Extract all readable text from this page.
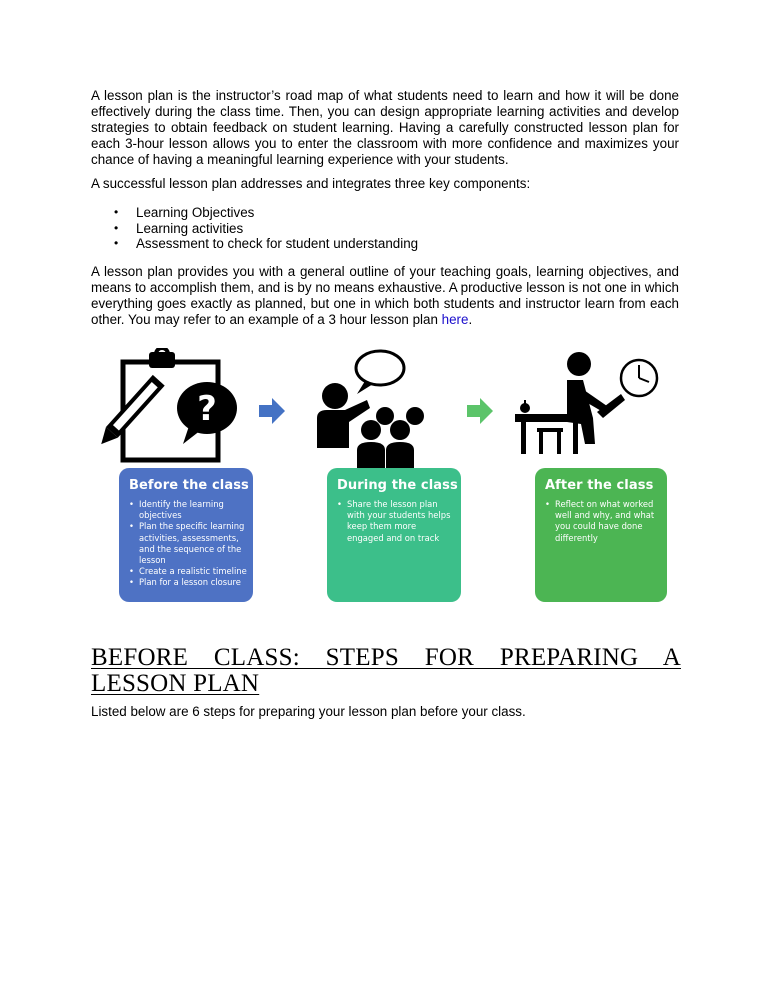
A lesson plan is the instructor’s road map of what students need to learn and how it will be done effectively during the class time. Then, you can design appropriate learning activities and develop strategies to obtain feedback on student learning. Having a carefully constructed lesson plan for each 3-hour lesson allows you to enter the classroom with more confidence and maximizes your chance of having a meaningful learning experience with your students.

A successful lesson plan addresses and integrates three key components:

• Learning Objectives
• Learning activities
• Assessment to check for student understanding

A lesson plan provides you with a general outline of your teaching goals, learning objectives, and means to accomplish them, and is by no means exhaustive. A productive lesson is not one in which everything goes exactly as planned, but one in which both students and instructor learn from each other. You may refer to an example of a 3 hour lesson plan here.

?
Before the class
• Identify the learning objectives
• Plan the specific learning activities, assessments, and the sequence of the lesson
• Create a realistic timeline
• Plan for a lesson closure
During the class
• Share the lesson plan with your students helps keep them more engaged and on track
After the class
• Reflect on what worked well and why, and what you could have done differently
BEFORE CLASS: STEPS FOR PREPARING A LESSON PLAN

Listed below are 6 steps for preparing your lesson plan before your class.
